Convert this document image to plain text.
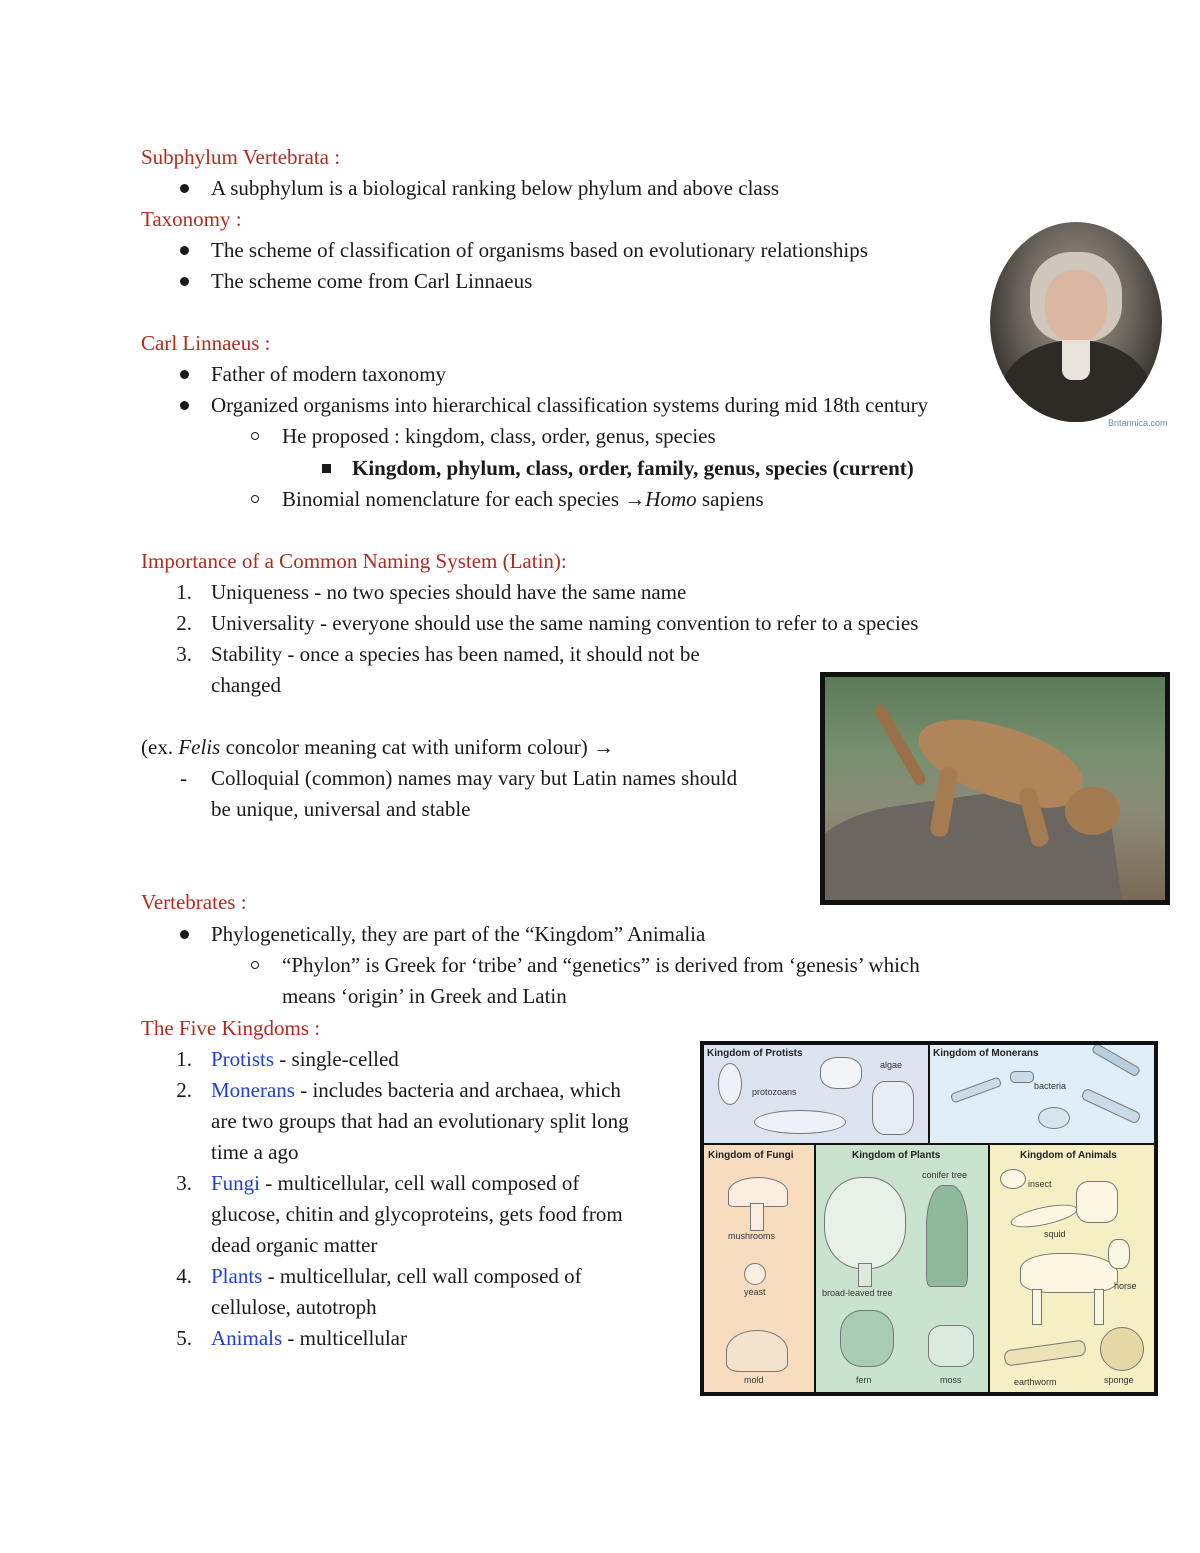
Subphylum Vertebrata :
A subphylum is a biological ranking below phylum and above class
Taxonomy :
The scheme of classification of organisms based on evolutionary relationships
The scheme come from Carl Linnaeus
Britannica.com
Carl Linnaeus :
Father of modern taxonomy
Organized organisms into hierarchical classification systems during mid 18th century
He proposed : kingdom, class, order, genus, species
Kingdom, phylum, class, order, family, genus, species (current)
Binomial nomenclature for each species →Homo sapiens
Importance of a Common Naming System (Latin):
1. Uniqueness - no two species should have the same name
2. Universality - everyone should use the same naming convention to refer to a species
3. Stability - once a species has been named, it should not be
changed
(ex. Felis concolor meaning cat with uniform colour) →
- Colloquial (common) names may vary but Latin names should
be unique, universal and stable
Vertebrates :
Phylogenetically, they are part of the “Kingdom” Animalia
“Phylon” is Greek for ‘tribe’ and “genetics” is derived from ‘genesis’ which
means ‘origin’ in Greek and Latin
The Five Kingdoms :
1. Protists - single-celled
2. Monerans - includes bacteria and archaea, which
are two groups that had an evolutionary split long
time a ago
3. Fungi - multicellular, cell wall composed of
glucose, chitin and glycoproteins, gets food from
dead organic matter
4. Plants - multicellular, cell wall composed of
cellulose, autotroph
5. Animals - multicellular
Kingdom of Protists
algae
protozoans
Kingdom of Monerans
bacteria
Kingdom of Fungi
mushrooms
yeast
mold
Kingdom of Plants
conifer tree
broad-leaved tree
fern	moss
Kingdom of Animals
insect
squid
horse
earthworm	sponge
